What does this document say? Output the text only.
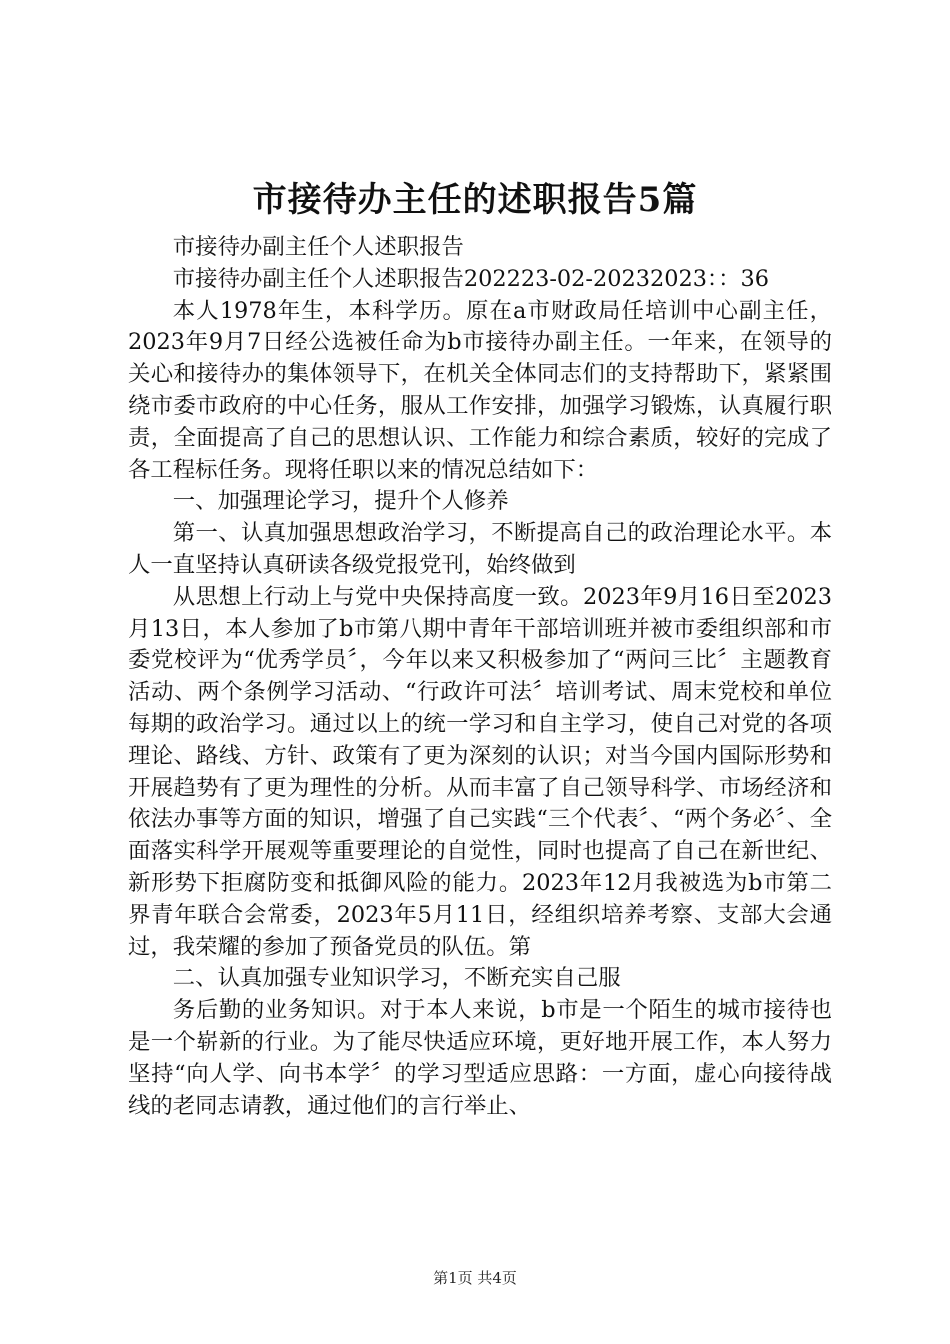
市接待办主任的述职报告5篇

市接待办副主任个人述职报告

市接待办副主任个人述职报告202223-02-20232023：：36

本人1978年生，本科学历。原在a市财政局任培训中心副主任，2023年9月7日经公选被任命为b市接待办副主任。一年来，在领导的关心和接待办的集体领导下，在机关全体同志们的支持帮助下，紧紧围绕市委市政府的中心任务，服从工作安排，加强学习锻炼，认真履行职责，全面提高了自己的思想认识、工作能力和综合素质，较好的完成了各工程标任务。现将任职以来的情况总结如下：

一、加强理论学习，提升个人修养

第一、认真加强思想政治学习，不断提高自己的政治理论水平。本人一直坚持认真研读各级党报党刊，始终做到

从思想上行动上与党中央保持高度一致。2023年9月16日至2023月13日，本人参加了b市第八期中青年干部培训班并被市委组织部和市委党校评为“优秀学员〞，今年以来又积极参加了“两问三比〞主题教育活动、两个条例学习活动、“行政许可法〞培训考试、周末党校和单位每期的政治学习。通过以上的统一学习和自主学习，使自己对党的各项理论、路线、方针、政策有了更为深刻的认识；对当今国内国际形势和开展趋势有了更为理性的分析。从而丰富了自己领导科学、市场经济和依法办事等方面的知识，增强了自己实践“三个代表〞、“两个务必〞、全面落实科学开展观等重要理论的自觉性，同时也提高了自己在新世纪、新形势下拒腐防变和抵御风险的能力。2023年12月我被选为b市第二界青年联合会常委，2023年5月11日，经组织培养考察、支部大会通过，我荣耀的参加了预备党员的队伍。第

二、认真加强专业知识学习，不断充实自己服

务后勤的业务知识。对于本人来说，b市是一个陌生的城市接待也是一个崭新的行业。为了能尽快适应环境，更好地开展工作，本人努力坚持“向人学、向书本学〞的学习型适应思路：一方面，虚心向接待战线的老同志请教，通过他们的言行举止、

第1页 共4页
